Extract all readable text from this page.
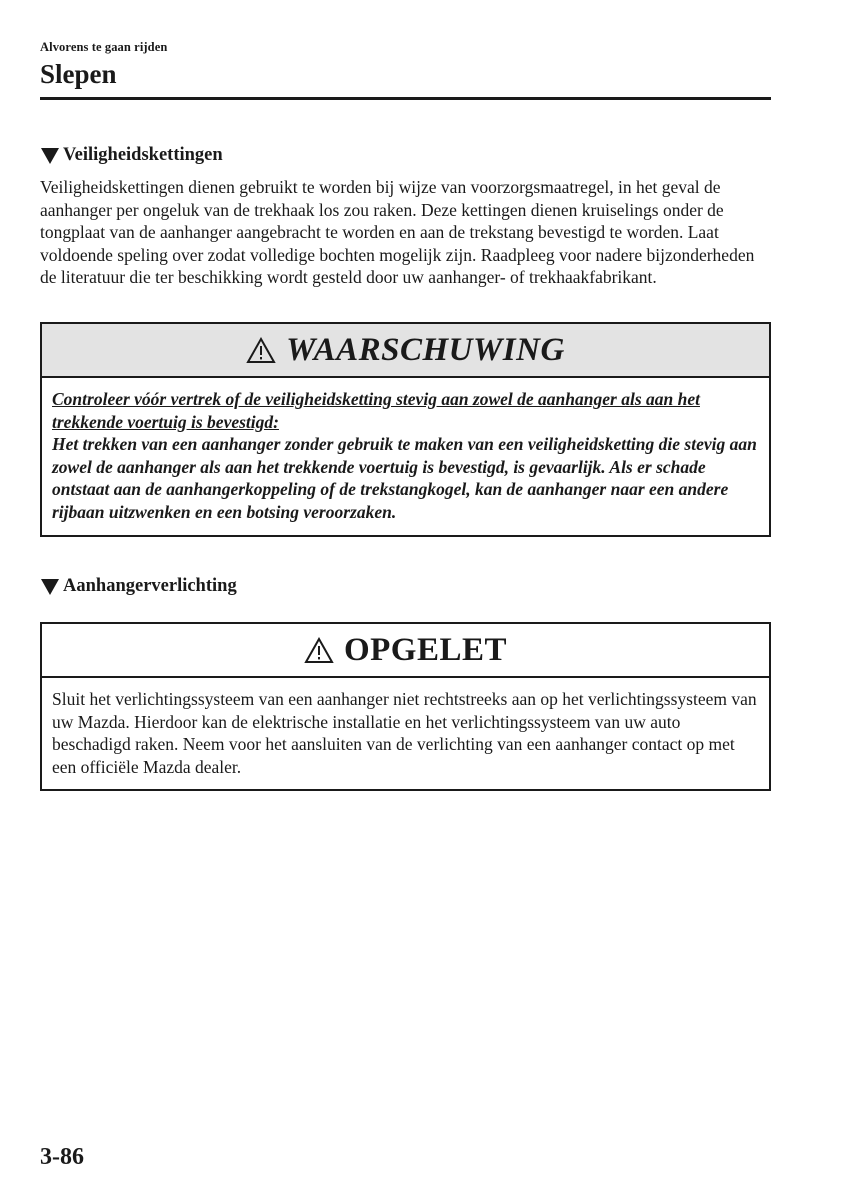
Alvorens te gaan rijden
Slepen
Veiligheidskettingen
Veiligheidskettingen dienen gebruikt te worden bij wijze van voorzorgsmaatregel, in het geval de aanhanger per ongeluk van de trekhaak los zou raken. Deze kettingen dienen kruiselings onder de tongplaat van de aanhanger aangebracht te worden en aan de trekstang bevestigd te worden. Laat voldoende speling over zodat volledige bochten mogelijk zijn. Raadpleeg voor nadere bijzonderheden de literatuur die ter beschikking wordt gesteld door uw aanhanger- of trekhaakfabrikant.
WAARSCHUWING
Controleer vóór vertrek of de veiligheidsketting stevig aan zowel de aanhanger als aan het trekkende voertuig is bevestigd:
Het trekken van een aanhanger zonder gebruik te maken van een veiligheidsketting die stevig aan zowel de aanhanger als aan het trekkende voertuig is bevestigd, is gevaarlijk. Als er schade ontstaat aan de aanhangerkoppeling of de trekstangkogel, kan de aanhanger naar een andere rijbaan uitzwenken en een botsing veroorzaken.
Aanhangerverlichting
OPGELET
Sluit het verlichtingssysteem van een aanhanger niet rechtstreeks aan op het verlichtingssysteem van uw Mazda. Hierdoor kan de elektrische installatie en het verlichtingssysteem van uw auto beschadigd raken. Neem voor het aansluiten van de verlichting van een aanhanger contact op met een officiële Mazda dealer.
3-86
